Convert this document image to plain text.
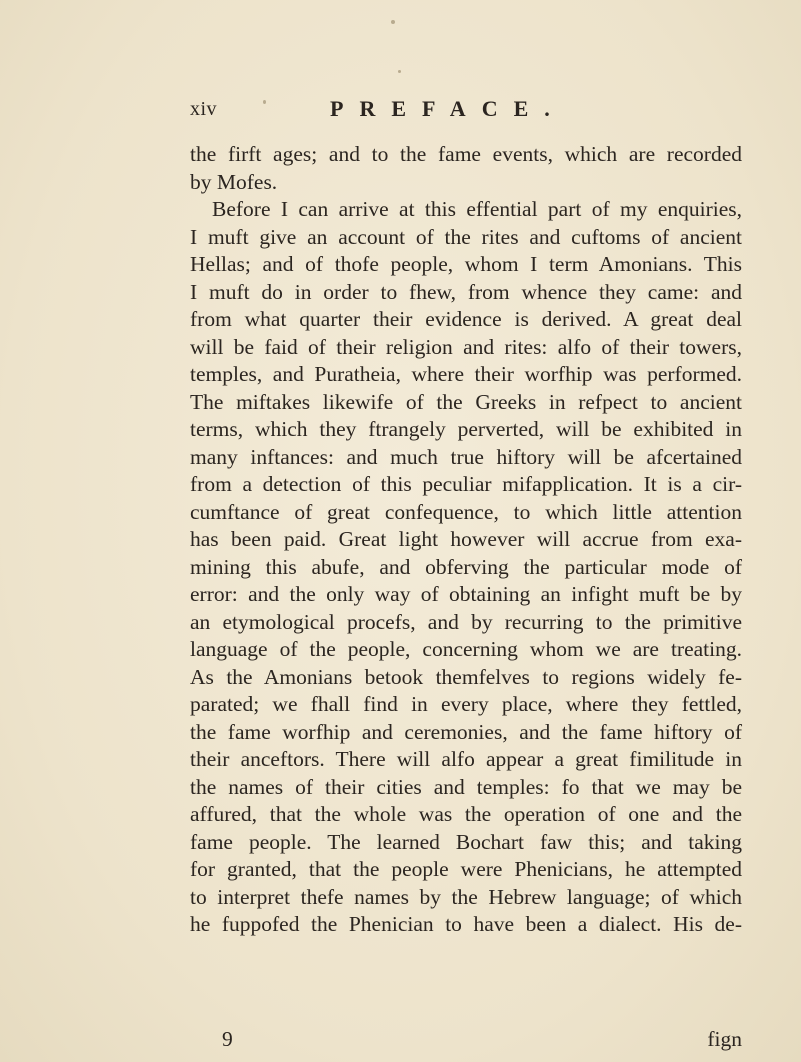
xiv	PREFACE.
the firft ages; and to the fame events, which are recorded
by Mofes.
Before I can arrive at this effential part of my enquiries,
I muft give an account of the rites and cuftoms of ancient
Hellas; and of thofe people, whom I term Amonians. This
I muft do in order to fhew, from whence they came: and
from what quarter their evidence is derived. A great deal
will be faid of their religion and rites: alfo of their towers,
temples, and Puratheia, where their worfhip was performed.
The miftakes likewife of the Greeks in refpect to ancient
terms, which they ftrangely perverted, will be exhibited in
many inftances: and much true hiftory will be afcertained
from a detection of this peculiar mifapplication. It is a cir-
cumftance of great confequence, to which little attention
has been paid. Great light however will accrue from exa-
mining this abufe, and obferving the particular mode of
error: and the only way of obtaining an infight muft be by
an etymological procefs, and by recurring to the primitive
language of the people, concerning whom we are treating.
As the Amonians betook themfelves to regions widely fe-
parated; we fhall find in every place, where they fettled,
the fame worfhip and ceremonies, and the fame hiftory of
their anceftors. There will alfo appear a great fimilitude in
the names of their cities and temples: fo that we may be
affured, that the whole was the operation of one and the
fame people. The learned Bochart faw this; and taking
for granted, that the people were Phenicians, he attempted
to interpret thefe names by the Hebrew language; of which
he fuppofed the Phenician to have been a dialect. His de-
9	fign
